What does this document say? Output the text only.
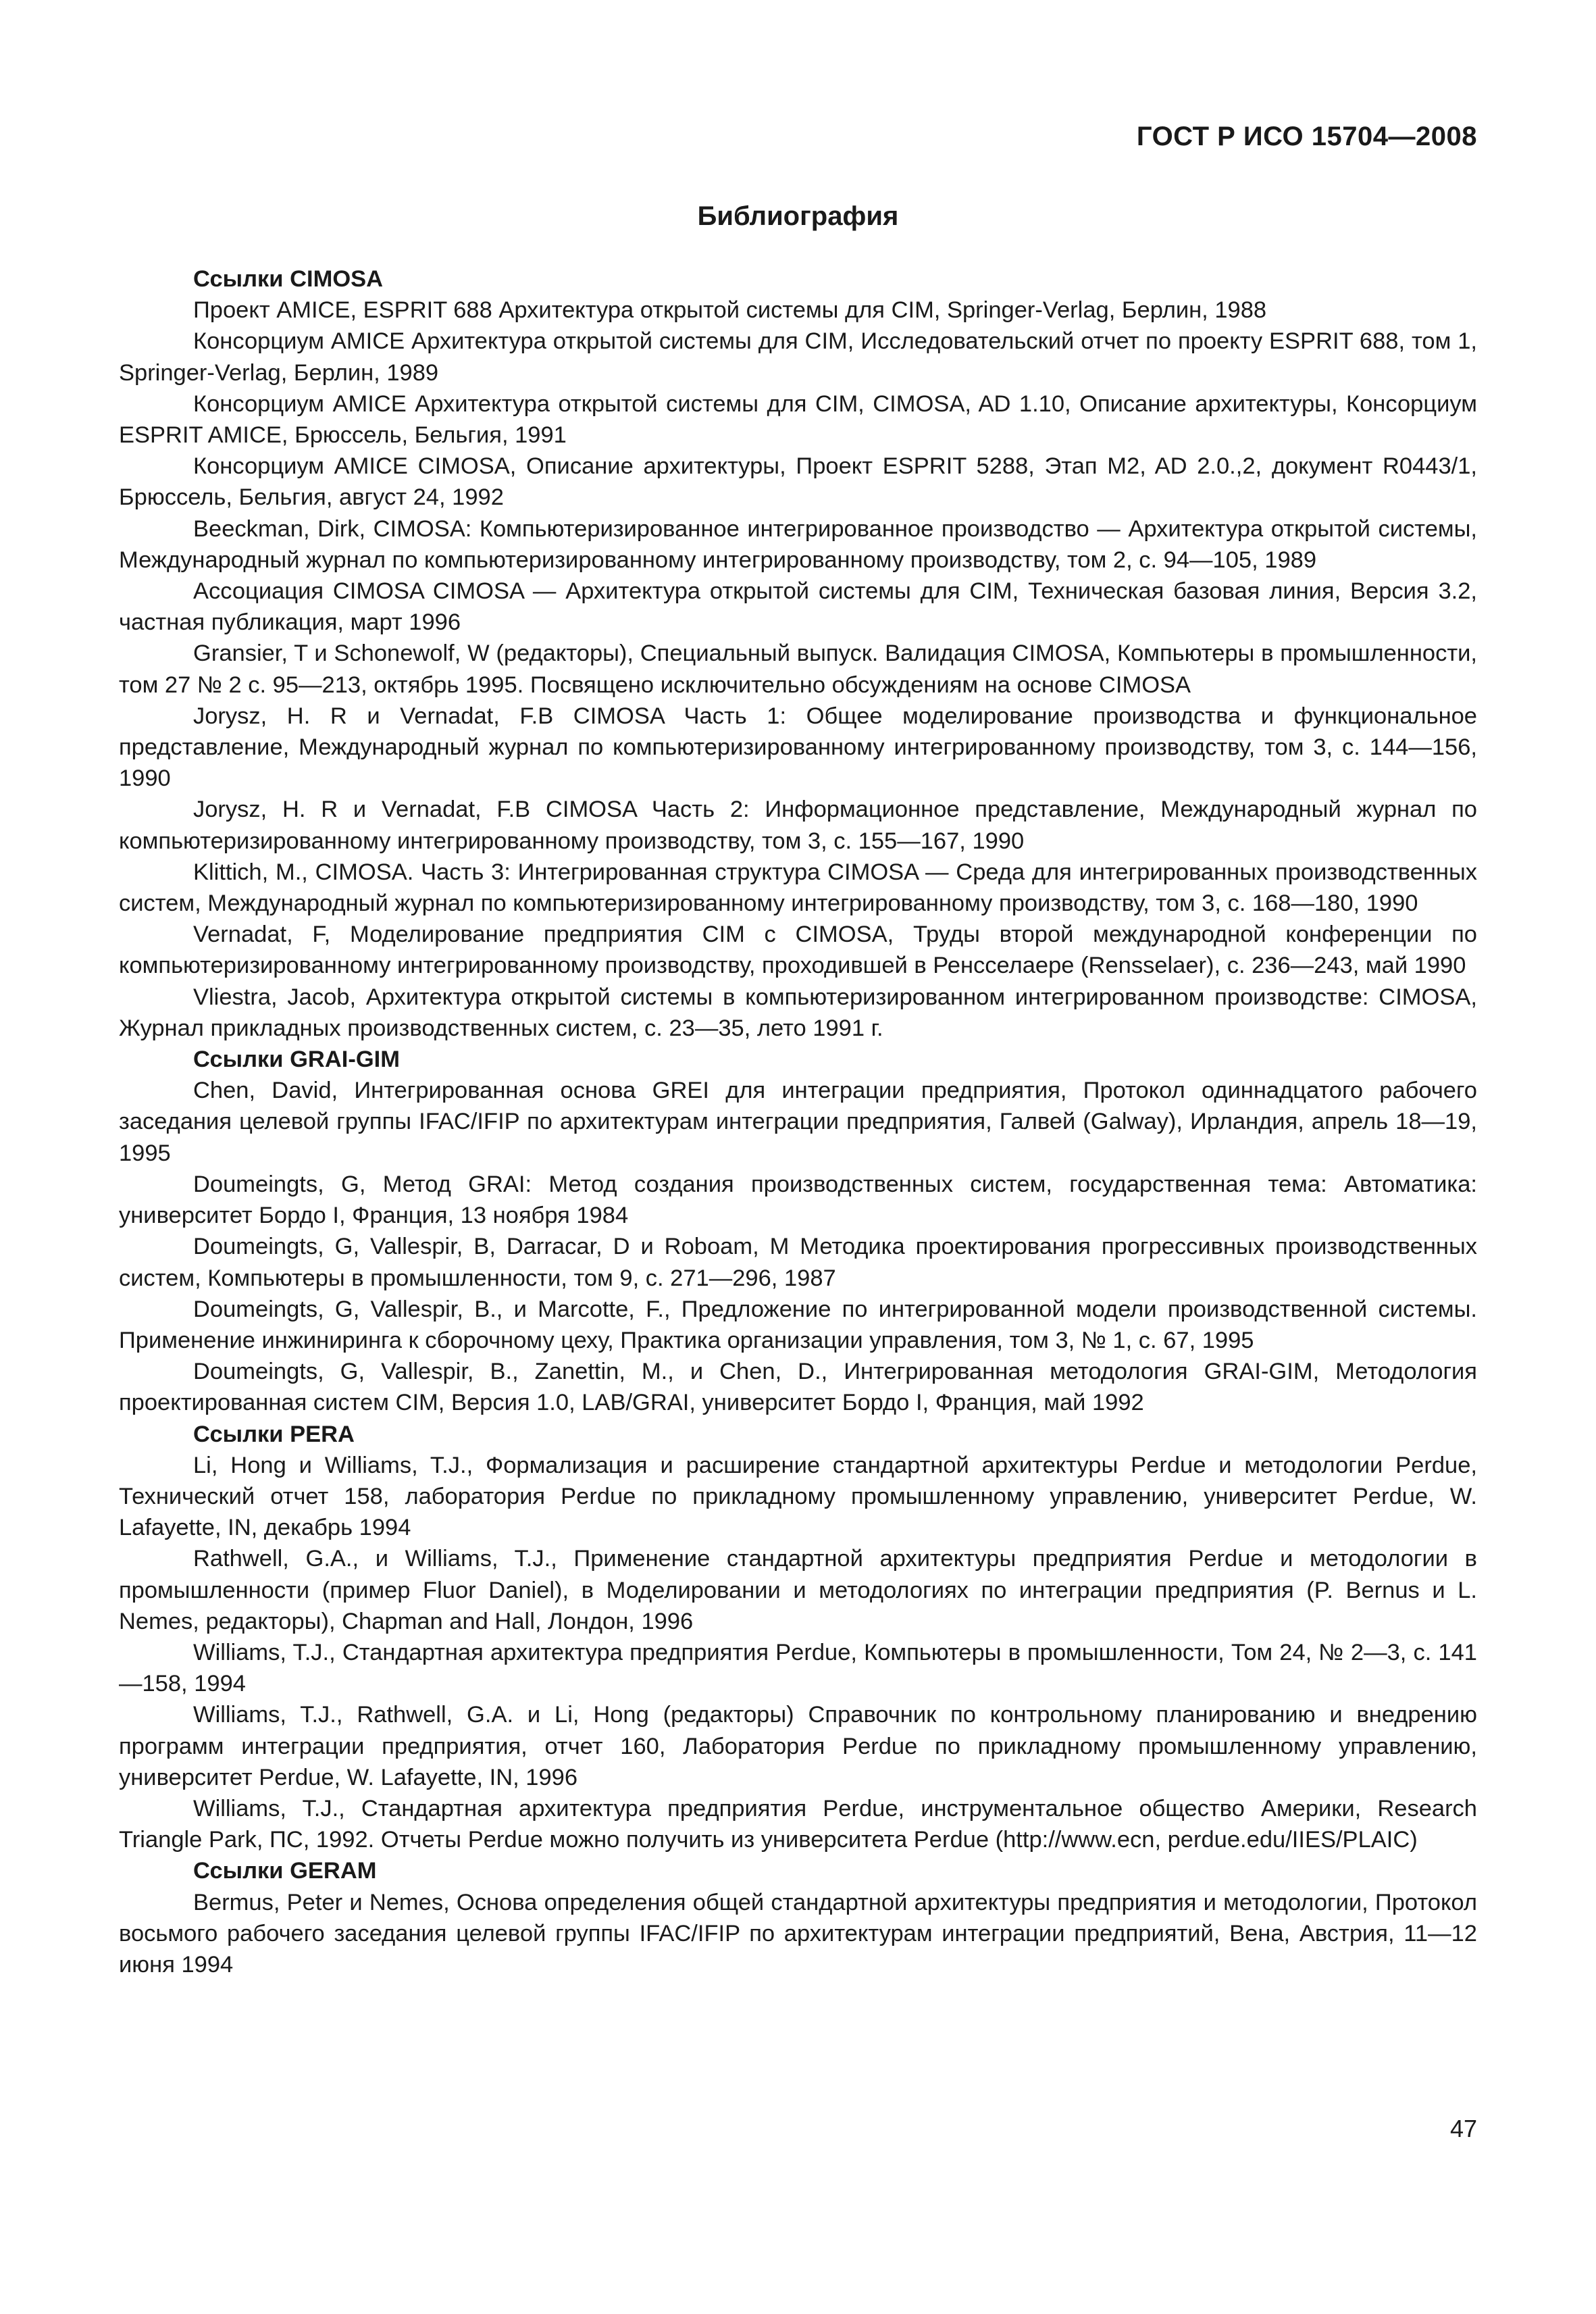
ГОСТ Р ИСО 15704—2008
Библиография

Ссылки CIMOSA

Проект AMICE, ESPRIT 688 Архитектура открытой системы для CIM, Springer-Verlag, Берлин, 1988

Консорциум AMICE Архитектура открытой системы для CIM, Исследовательский отчет по проекту ESPRIT 688, том 1, Springer-Verlag, Берлин, 1989

Консорциум AMICE Архитектура открытой системы для CIM, CIMOSA, AD 1.10, Описание архитектуры, Консорциум ESPRIT AMICE, Брюссель, Бельгия, 1991

Консорциум AMICE CIMOSA, Описание архитектуры, Проект ESPRIT 5288, Этап M2, AD 2.0.,2, документ R0443/1, Брюссель, Бельгия, август 24, 1992

Beeckman, Dirk, CIMOSA: Компьютеризированное интегрированное производство — Архитектура открытой системы, Международный журнал по компьютеризированному интегрированному производству, том 2, с. 94—105, 1989

Ассоциация CIMOSA CIMOSA — Архитектура открытой системы для CIM, Техническая базовая линия, Версия 3.2, частная публикация, март 1996

Gransier, T и Schonewolf, W (редакторы), Специальный выпуск. Валидация CIMOSA, Компьютеры в промышленности, том 27 № 2 с. 95—213, октябрь 1995. Посвящено исключительно обсуждениям на основе CIMOSA

Jorysz, H. R и Vernadat, F.B CIMOSA Часть 1: Общее моделирование производства и функциональное представление, Международный журнал по компьютеризированному интегрированному производству, том 3, с. 144—156, 1990

Jorysz, H. R и Vernadat, F.B CIMOSA Часть 2: Информационное представление, Международный журнал по компьютеризированному интегрированному производству, том 3, с. 155—167, 1990

Klittich, M., CIMOSA. Часть 3: Интегрированная структура CIMOSA — Среда для интегрированных производственных систем, Международный журнал по компьютеризированному интегрированному производству, том 3, с. 168—180, 1990

Vernadat, F, Моделирование предприятия CIM с CIMOSA, Труды второй международной конференции по компьютеризированному интегрированному производству, проходившей в Ренсселаере (Rensselaer), с. 236—243, май 1990

Vliestra, Jacob, Архитектура открытой системы в компьютеризированном интегрированном производстве: CIMOSA, Журнал прикладных производственных систем, с. 23—35, лето 1991 г.

Ссылки GRAI-GIM

Chen, David, Интегрированная основа GREI для интеграции предприятия, Протокол одиннадцатого рабочего заседания целевой группы IFAC/IFIP по архитектурам интеграции предприятия, Галвей (Galway), Ирландия, апрель 18—19, 1995

Doumeingts, G, Метод GRAI: Метод создания производственных систем, государственная тема: Автоматика: университет Бордо I, Франция, 13 ноября 1984

Doumeingts, G, Vallespir, B, Darracar, D и Roboam, M Методика проектирования прогрессивных производственных систем, Компьютеры в промышленности, том 9, с. 271—296, 1987

Doumeingts, G, Vallespir, B., и Marcotte, F., Предложение по интегрированной модели производственной системы. Применение инжиниринга к сборочному цеху, Практика организации управления, том 3, № 1, с. 67, 1995

Doumeingts, G, Vallespir, B., Zanettin, M., и Chen, D., Интегрированная методология GRAI-GIM, Методология проектированная систем CIM, Версия 1.0, LAB/GRAI, университет Бордо I, Франция, май 1992

Ссылки PERA

Li, Hong и Williams, T.J., Формализация и расширение стандартной архитектуры Perdue и методологии Perdue, Технический отчет 158, лаборатория Perdue по прикладному промышленному управлению, университет Perdue, W. Lafayette, IN, декабрь 1994

Rathwell, G.A., и Williams, T.J., Применение стандартной архитектуры предприятия Perdue и методологии в промышленности (пример Fluor Daniel), в Моделировании и методологиях по интеграции предприятия (P. Bernus и L. Nemes, редакторы), Chapman and Hall, Лондон, 1996

Williams, T.J., Стандартная архитектура предприятия Perdue, Компьютеры в промышленности, Том 24, № 2—3, с. 141—158, 1994

Williams, T.J., Rathwell, G.A. и Li, Hong (редакторы) Справочник по контрольному планированию и внедрению программ интеграции предприятия, отчет 160, Лаборатория Perdue по прикладному промышленному управлению, университет Perdue, W. Lafayette, IN, 1996

Williams, T.J., Стандартная архитектура предприятия Perdue, инструментальное общество Америки, Research Triangle Park, ПС, 1992. Отчеты Perdue можно получить из университета Perdue (http://www.ecn, perdue.edu/IIES/PLAIC)

Ссылки GERAM

Bermus, Peter и Nemes, Основа определения общей стандартной архитектуры предприятия и методологии, Протокол восьмого рабочего заседания целевой группы IFAC/IFIP по архитектурам интеграции предприятий, Вена, Австрия, 11—12 июня 1994

47
